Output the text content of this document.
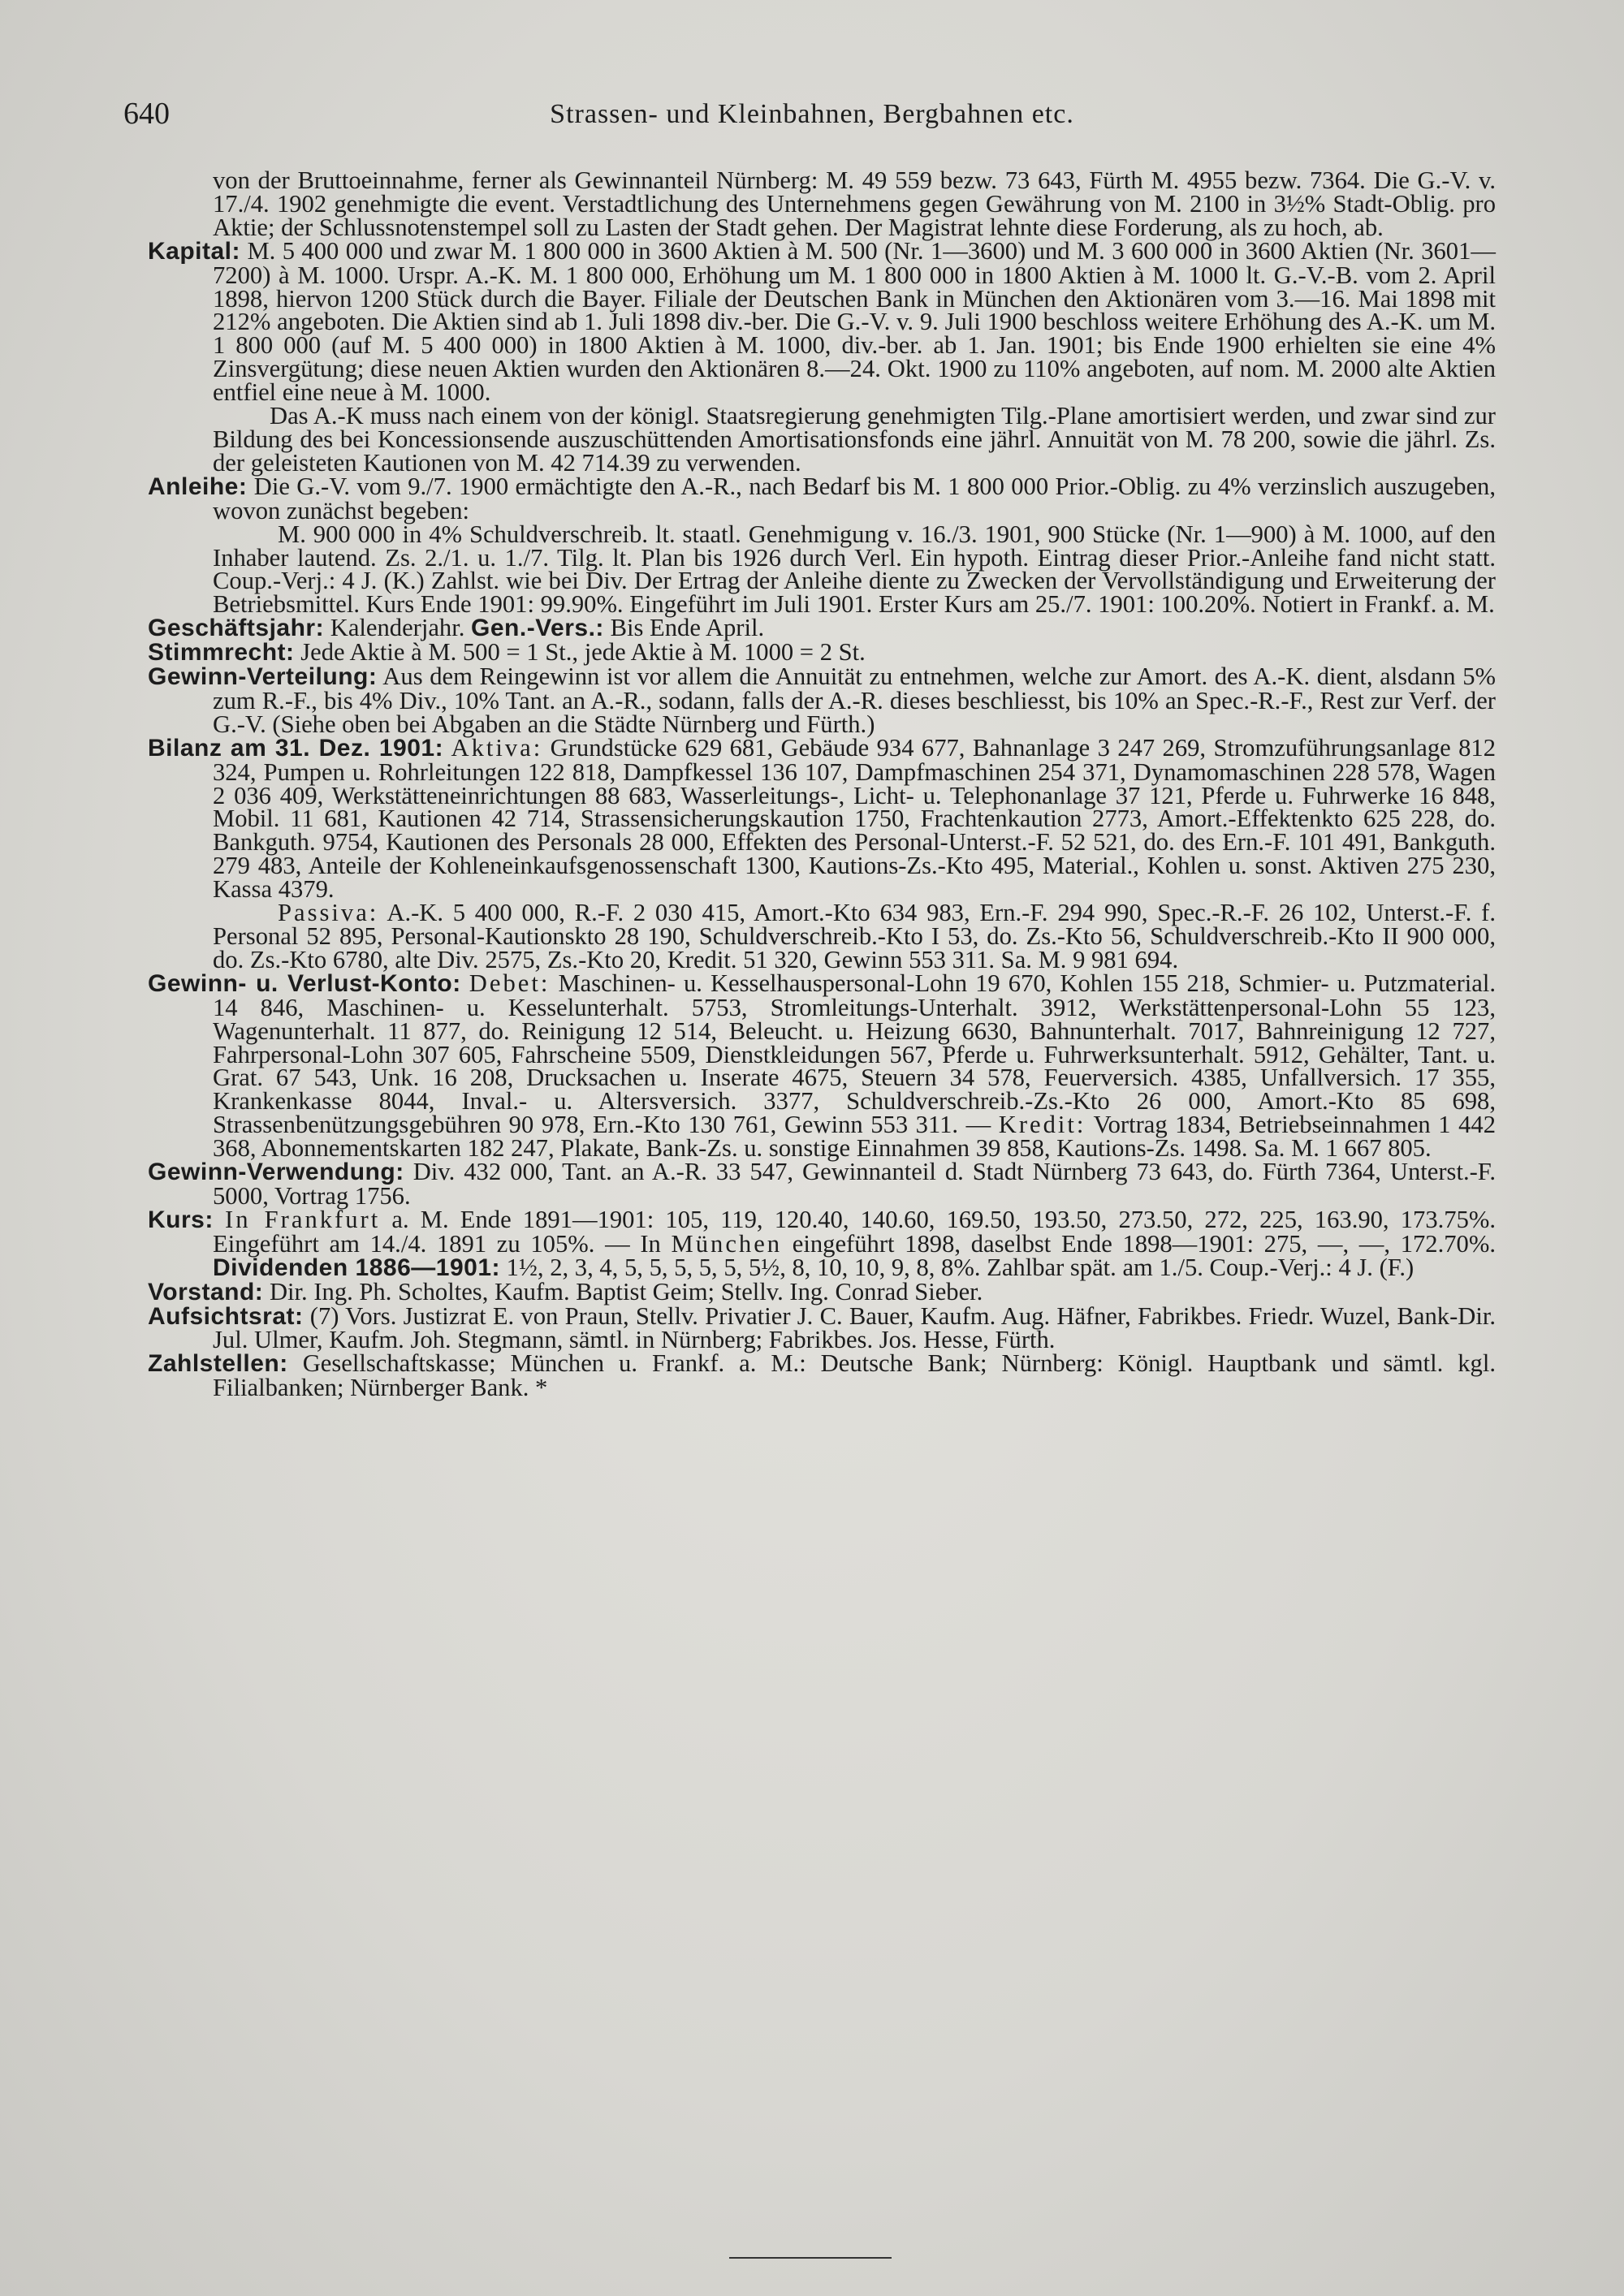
640	Strassen- und Kleinbahnen, Bergbahnen etc.

von der Bruttoeinnahme, ferner als Gewinnanteil Nürnberg: M. 49 559 bezw. 73 643, Fürth M. 4955 bezw. 7364. Die G.-V. v. 17./4. 1902 genehmigte die event. Verstadtlichung des Unternehmens gegen Gewährung von M. 2100 in 3½% Stadt-Oblig. pro Aktie; der Schlussnotenstempel soll zu Lasten der Stadt gehen. Der Magistrat lehnte diese Forderung, als zu hoch, ab.

Kapital: M. 5 400 000 und zwar M. 1 800 000 in 3600 Aktien à M. 500 (Nr. 1—3600) und M. 3 600 000 in 3600 Aktien (Nr. 3601—7200) à M. 1000. Urspr. A.-K. M. 1 800 000, Erhöhung um M. 1 800 000 in 1800 Aktien à M. 1000 lt. G.-V.-B. vom 2. April 1898, hiervon 1200 Stück durch die Bayer. Filiale der Deutschen Bank in München den Aktionären vom 3.—16. Mai 1898 mit 212% angeboten. Die Aktien sind ab 1. Juli 1898 div.-ber. Die G.-V. v. 9. Juli 1900 beschloss weitere Erhöhung des A.-K. um M. 1 800 000 (auf M. 5 400 000) in 1800 Aktien à M. 1000, div.-ber. ab 1. Jan. 1901; bis Ende 1900 erhielten sie eine 4% Zinsvergütung; diese neuen Aktien wurden den Aktionären 8.—24. Okt. 1900 zu 110% angeboten, auf nom. M. 2000 alte Aktien entfiel eine neue à M. 1000.

Das A.-K muss nach einem von der königl. Staatsregierung genehmigten Tilg.-Plane amortisiert werden, und zwar sind zur Bildung des bei Koncessionsende auszuschüttenden Amortisationsfonds eine jährl. Annuität von M. 78 200, sowie die jährl. Zs. der geleisteten Kautionen von M. 42 714.39 zu verwenden.

Anleihe: Die G.-V. vom 9./7. 1900 ermächtigte den A.-R., nach Bedarf bis M. 1 800 000 Prior.-Oblig. zu 4% verzinslich auszugeben, wovon zunächst begeben:

M. 900 000 in 4% Schuldverschreib. lt. staatl. Genehmigung v. 16./3. 1901, 900 Stücke (Nr. 1—900) à M. 1000, auf den Inhaber lautend. Zs. 2./1. u. 1./7. Tilg. lt. Plan bis 1926 durch Verl. Ein hypoth. Eintrag dieser Prior.-Anleihe fand nicht statt. Coup.-Verj.: 4 J. (K.) Zahlst. wie bei Div. Der Ertrag der Anleihe diente zu Zwecken der Vervollständigung und Erweiterung der Betriebsmittel. Kurs Ende 1901: 99.90%. Eingeführt im Juli 1901. Erster Kurs am 25./7. 1901: 100.20%. Notiert in Frankf. a. M.

Geschäftsjahr: Kalenderjahr. Gen.-Vers.: Bis Ende April.

Stimmrecht: Jede Aktie à M. 500 = 1 St., jede Aktie à M. 1000 = 2 St.

Gewinn-Verteilung: Aus dem Reingewinn ist vor allem die Annuität zu entnehmen, welche zur Amort. des A.-K. dient, alsdann 5% zum R.-F., bis 4% Div., 10% Tant. an A.-R., sodann, falls der A.-R. dieses beschliesst, bis 10% an Spec.-R.-F., Rest zur Verf. der G.-V. (Siehe oben bei Abgaben an die Städte Nürnberg und Fürth.)

Bilanz am 31. Dez. 1901: Aktiva: Grundstücke 629 681, Gebäude 934 677, Bahnanlage 3 247 269, Stromzuführungsanlage 812 324, Pumpen u. Rohrleitungen 122 818, Dampfkessel 136 107, Dampfmaschinen 254 371, Dynamomaschinen 228 578, Wagen 2 036 409, Werkstätteneinrichtungen 88 683, Wasserleitungs-, Licht- u. Telephonanlage 37 121, Pferde u. Fuhrwerke 16 848, Mobil. 11 681, Kautionen 42 714, Strassensicherungskaution 1750, Frachtenkaution 2773, Amort.-Effektenkto 625 228, do. Bankguth. 9754, Kautionen des Personals 28 000, Effekten des Personal-Unterst.-F. 52 521, do. des Ern.-F. 101 491, Bankguth. 279 483, Anteile der Kohleneinkaufsgenossenschaft 1300, Kautions-Zs.-Kto 495, Material., Kohlen u. sonst. Aktiven 275 230, Kassa 4379.

Passiva: A.-K. 5 400 000, R.-F. 2 030 415, Amort.-Kto 634 983, Ern.-F. 294 990, Spec.-R.-F. 26 102, Unterst.-F. f. Personal 52 895, Personal-Kautionskto 28 190, Schuldverschreib.-Kto I 53, do. Zs.-Kto 56, Schuldverschreib.-Kto II 900 000, do. Zs.-Kto 6780, alte Div. 2575, Zs.-Kto 20, Kredit. 51 320, Gewinn 553 311. Sa. M. 9 981 694.

Gewinn- u. Verlust-Konto: Debet: Maschinen- u. Kesselhauspersonal-Lohn 19 670, Kohlen 155 218, Schmier- u. Putzmaterial. 14 846, Maschinen- u. Kesselunterhalt. 5753, Stromleitungs-Unterhalt. 3912, Werkstättenpersonal-Lohn 55 123, Wagenunterhalt. 11 877, do. Reinigung 12 514, Beleucht. u. Heizung 6630, Bahnunterhalt. 7017, Bahnreinigung 12 727, Fahrpersonal-Lohn 307 605, Fahrscheine 5509, Dienstkleidungen 567, Pferde u. Fuhrwerksunterhalt. 5912, Gehälter, Tant. u. Grat. 67 543, Unk. 16 208, Drucksachen u. Inserate 4675, Steuern 34 578, Feuerversich. 4385, Unfallversich. 17 355, Krankenkasse 8044, Inval.- u. Altersversich. 3377, Schuldverschreib.-Zs.-Kto 26 000, Amort.-Kto 85 698, Strassenbenützungsgebühren 90 978, Ern.-Kto 130 761, Gewinn 553 311. — Kredit: Vortrag 1834, Betriebseinnahmen 1 442 368, Abonnementskarten 182 247, Plakate, Bank-Zs. u. sonstige Einnahmen 39 858, Kautions-Zs. 1498. Sa. M. 1 667 805.

Gewinn-Verwendung: Div. 432 000, Tant. an A.-R. 33 547, Gewinnanteil d. Stadt Nürnberg 73 643, do. Fürth 7364, Unterst.-F. 5000, Vortrag 1756.

Kurs: In Frankfurt a. M. Ende 1891—1901: 105, 119, 120.40, 140.60, 169.50, 193.50, 273.50, 272, 225, 163.90, 173.75%. Eingeführt am 14./4. 1891 zu 105%. — In München eingeführt 1898, daselbst Ende 1898—1901: 275, —, —, 172.70%. Dividenden 1886—1901: 1½, 2, 3, 4, 5, 5, 5, 5, 5, 5½, 8, 10, 10, 9, 8, 8%. Zahlbar spät. am 1./5. Coup.-Verj.: 4 J. (F.)

Vorstand: Dir. Ing. Ph. Scholtes, Kaufm. Baptist Geim; Stellv. Ing. Conrad Sieber.

Aufsichtsrat: (7) Vors. Justizrat E. von Praun, Stellv. Privatier J. C. Bauer, Kaufm. Aug. Häfner, Fabrikbes. Friedr. Wuzel, Bank-Dir. Jul. Ulmer, Kaufm. Joh. Stegmann, sämtl. in Nürnberg; Fabrikbes. Jos. Hesse, Fürth.

Zahlstellen: Gesellschaftskasse; München u. Frankf. a. M.: Deutsche Bank; Nürnberg: Königl. Hauptbank und sämtl. kgl. Filialbanken; Nürnberger Bank. *
